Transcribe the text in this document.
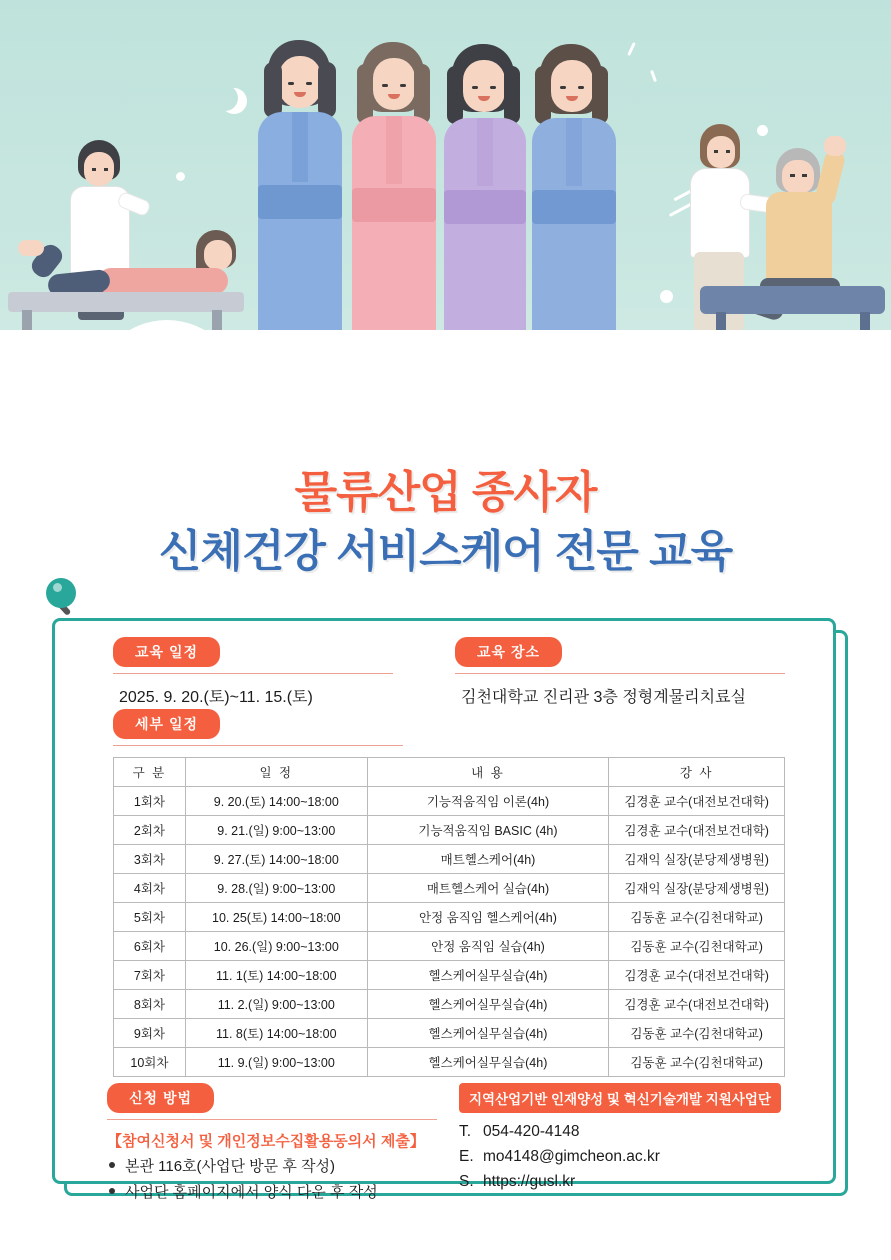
물류산업 종사자
신체건강 서비스케어 전문 교육
교육 일정
2025. 9. 20.(토)~11. 15.(토)
교육 장소
김천대학교 진리관 3층 정형계물리치료실
세부 일정
구 분	일 정	내 용	강 사
1회차	9. 20.(토) 14:00~18:00	기능적움직임 이론(4h)	김경훈 교수(대전보건대학)
2회차	9. 21.(일) 9:00~13:00	기능적움직임 BASIC (4h)	김경훈 교수(대전보건대학)
3회차	9. 27.(토) 14:00~18:00	매트헬스케어(4h)	김재익 실장(분당제생병원)
4회차	9. 28.(일) 9:00~13:00	매트헬스케어 실습(4h)	김재익 실장(분당제생병원)
5회차	10. 25(토) 14:00~18:00	안정 움직임 헬스케어(4h)	김동훈 교수(김천대학교)
6회차	10. 26.(일) 9:00~13:00	안정 움직임 실습(4h)	김동훈 교수(김천대학교)
7회차	11. 1(토) 14:00~18:00	헬스케어실무실습(4h)	김경훈 교수(대전보건대학)
8회차	11. 2.(일) 9:00~13:00	헬스케어실무실습(4h)	김경훈 교수(대전보건대학)
9회차	11. 8(토) 14:00~18:00	헬스케어실무실습(4h)	김동훈 교수(김천대학교)
10회차	11. 9.(일) 9:00~13:00	헬스케어실무실습(4h)	김동훈 교수(김천대학교)
신청 방법
【참여신청서 및 개인정보수집활용동의서 제출】
본관 116호(사업단 방문 후 작성)
사업단 홈페이지에서 양식 다운 후 작성
지역산업기반 인재양성 및 혁신기술개발 지원사업단
T. 054-420-4148
E. mo4148@gimcheon.ac.kr
S. https://gusl.kr
